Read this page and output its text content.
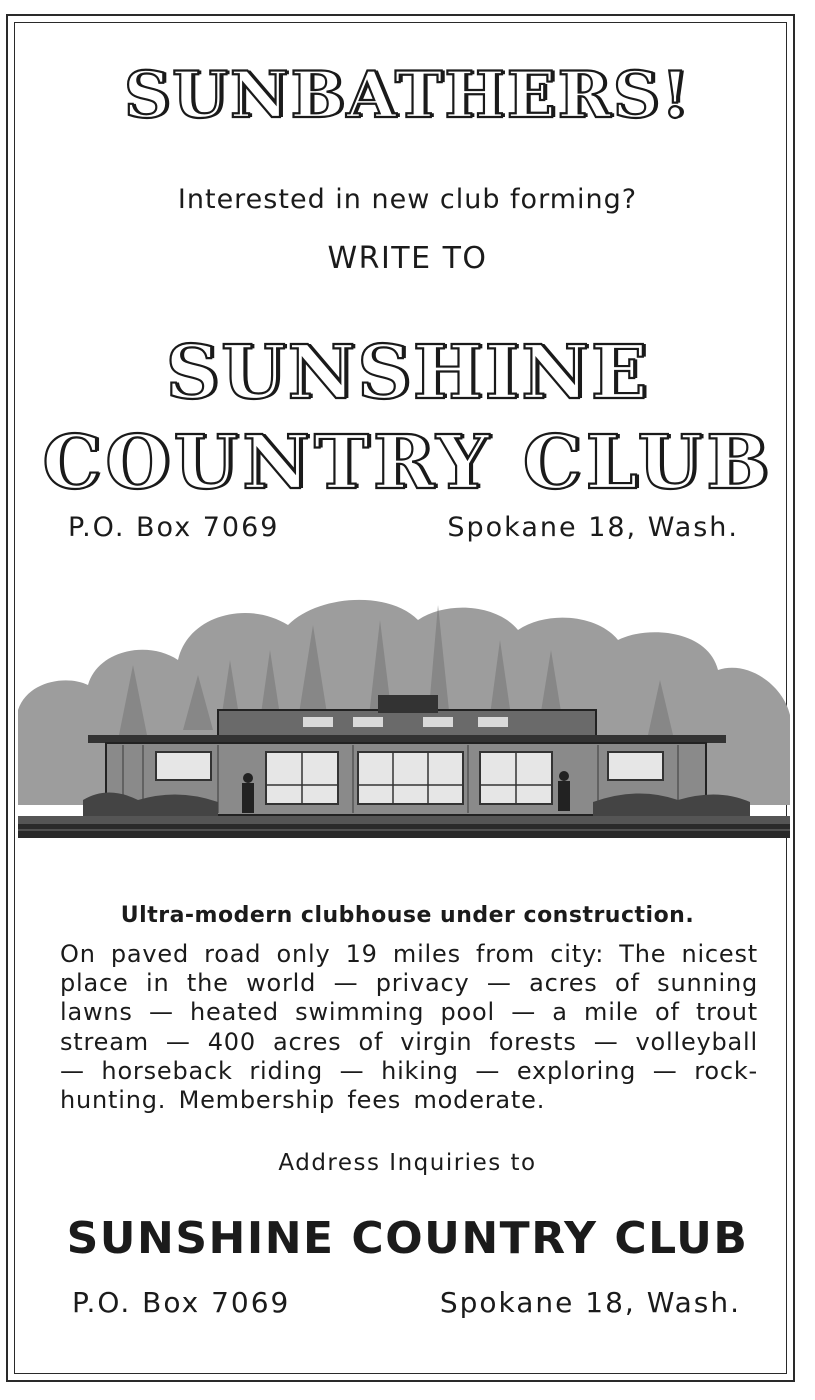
SUNBATHERS!

Interested in new club forming?

WRITE TO

SUNSHINE
COUNTRY CLUB

P.O. Box 7069	Spokane 18, Wash.

Ultra-modern clubhouse under construction.

On paved road only 19 miles from city: The nicest place in the world — privacy — acres of sunning lawns — heated swimming pool — a mile of trout stream — 400 acres of virgin forests — volleyball — horseback riding — hiking — exploring — rock-hunting. Membership fees moderate.

Address Inquiries to

SUNSHINE COUNTRY CLUB

P.O. Box 7069	Spokane 18, Wash.
